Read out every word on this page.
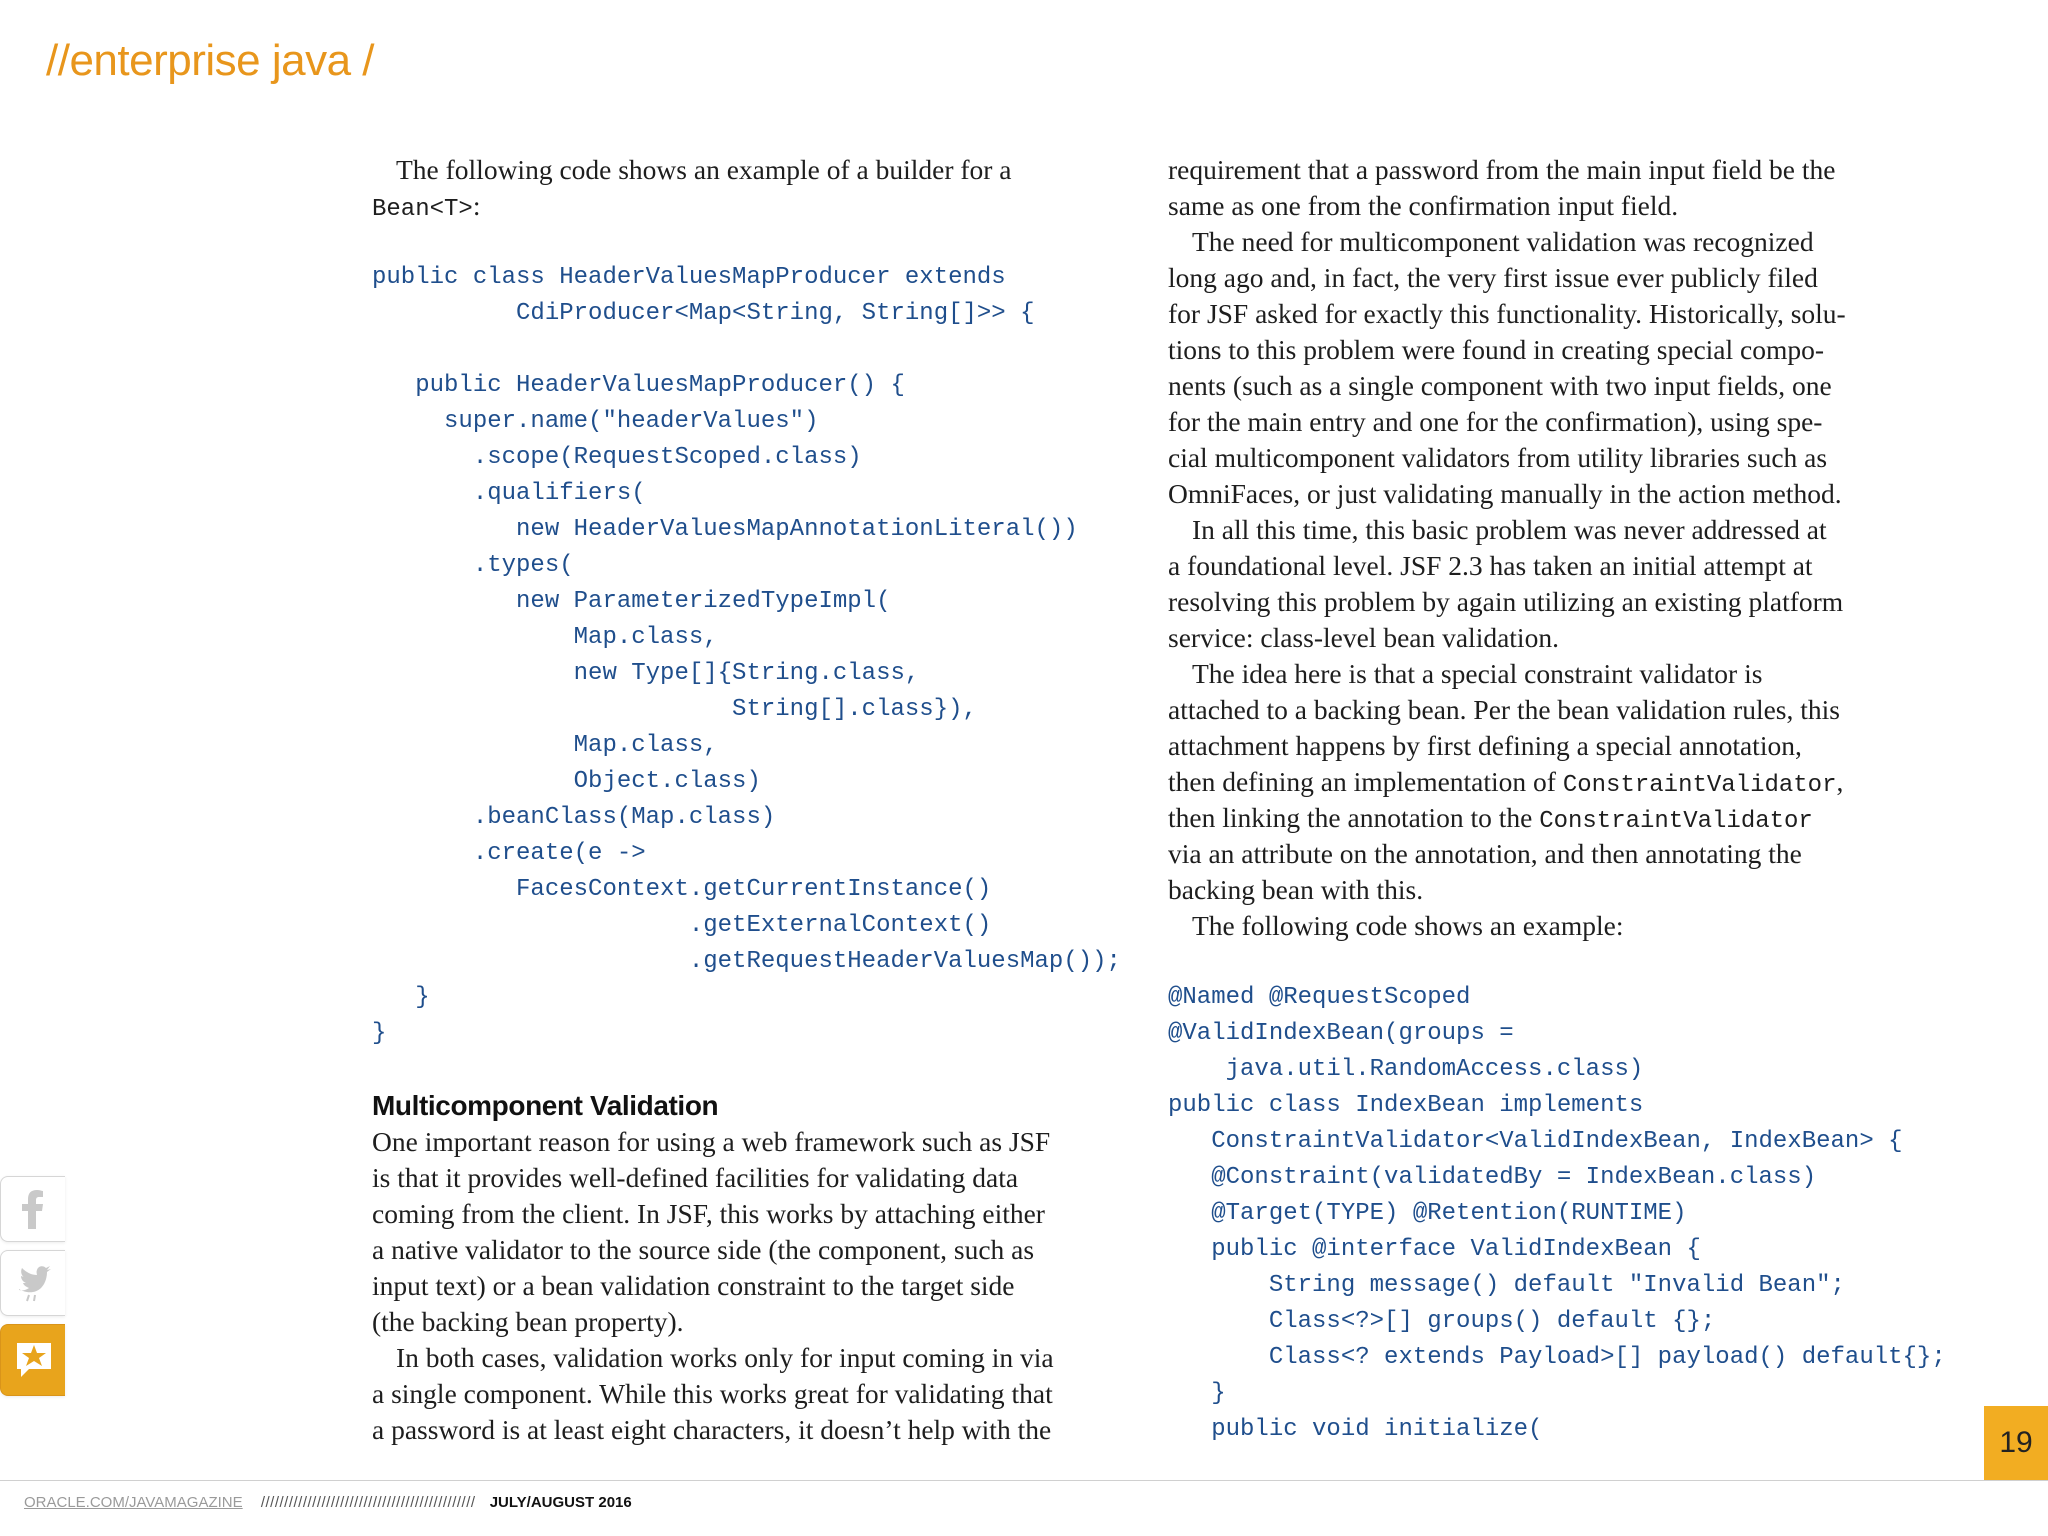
//enterprise java /
The following code shows an example of a builder for a
Bean<T>:
public class HeaderValuesMapProducer extends
CdiProducer<Map<String, String[]>> {
public HeaderValuesMapProducer() {
super.name("headerValues")
.scope(RequestScoped.class)
.qualifiers(
new HeaderValuesMapAnnotationLiteral())
.types(
new ParameterizedTypeImpl(
Map.class,
new Type[]{String.class,
String[].class}),
Map.class,
Object.class)
.beanClass(Map.class)
.create(e ->
FacesContext.getCurrentInstance()
.getExternalContext()
.getRequestHeaderValuesMap());
}
}
Multicomponent Validation
One important reason for using a web framework such as JSF
is that it provides well-defined facilities for validating data
coming from the client. In JSF, this works by attaching either
a native validator to the source side (the component, such as
input text) or a bean validation constraint to the target side
(the backing bean property).
In both cases, validation works only for input coming in via
a single component. While this works great for validating that
a password is at least eight characters, it doesn’t help with the
requirement that a password from the main input field be the
same as one from the confirmation input field.
The need for multicomponent validation was recognized
long ago and, in fact, the very first issue ever publicly filed
for JSF asked for exactly this functionality. Historically, solu-
tions to this problem were found in creating special compo-
nents (such as a single component with two input fields, one
for the main entry and one for the confirmation), using spe-
cial multicomponent validators from utility libraries such as
OmniFaces, or just validating manually in the action method.
In all this time, this basic problem was never addressed at
a foundational level. JSF 2.3 has taken an initial attempt at
resolving this problem by again utilizing an existing platform
service: class-level bean validation.
The idea here is that a special constraint validator is
attached to a backing bean. Per the bean validation rules, this
attachment happens by first defining a special annotation,
then defining an implementation of ConstraintValidator,
then linking the annotation to the ConstraintValidator
via an attribute on the annotation, and then annotating the
backing bean with this.
The following code shows an example:
@Named @RequestScoped
@ValidIndexBean(groups =
java.util.RandomAccess.class)
public class IndexBean implements
ConstraintValidator<ValidIndexBean, IndexBean> {
@Constraint(validatedBy = IndexBean.class)
@Target(TYPE) @Retention(RUNTIME)
public @interface ValidIndexBean {
String message() default "Invalid Bean";
Class<?>[] groups() default {};
Class<? extends Payload>[] payload() default{};
}
public void initialize(	19
ORACLE.COM/JAVAMAGAZINE ////////////////////////////////////////////// JULY/AUGUST 2016
